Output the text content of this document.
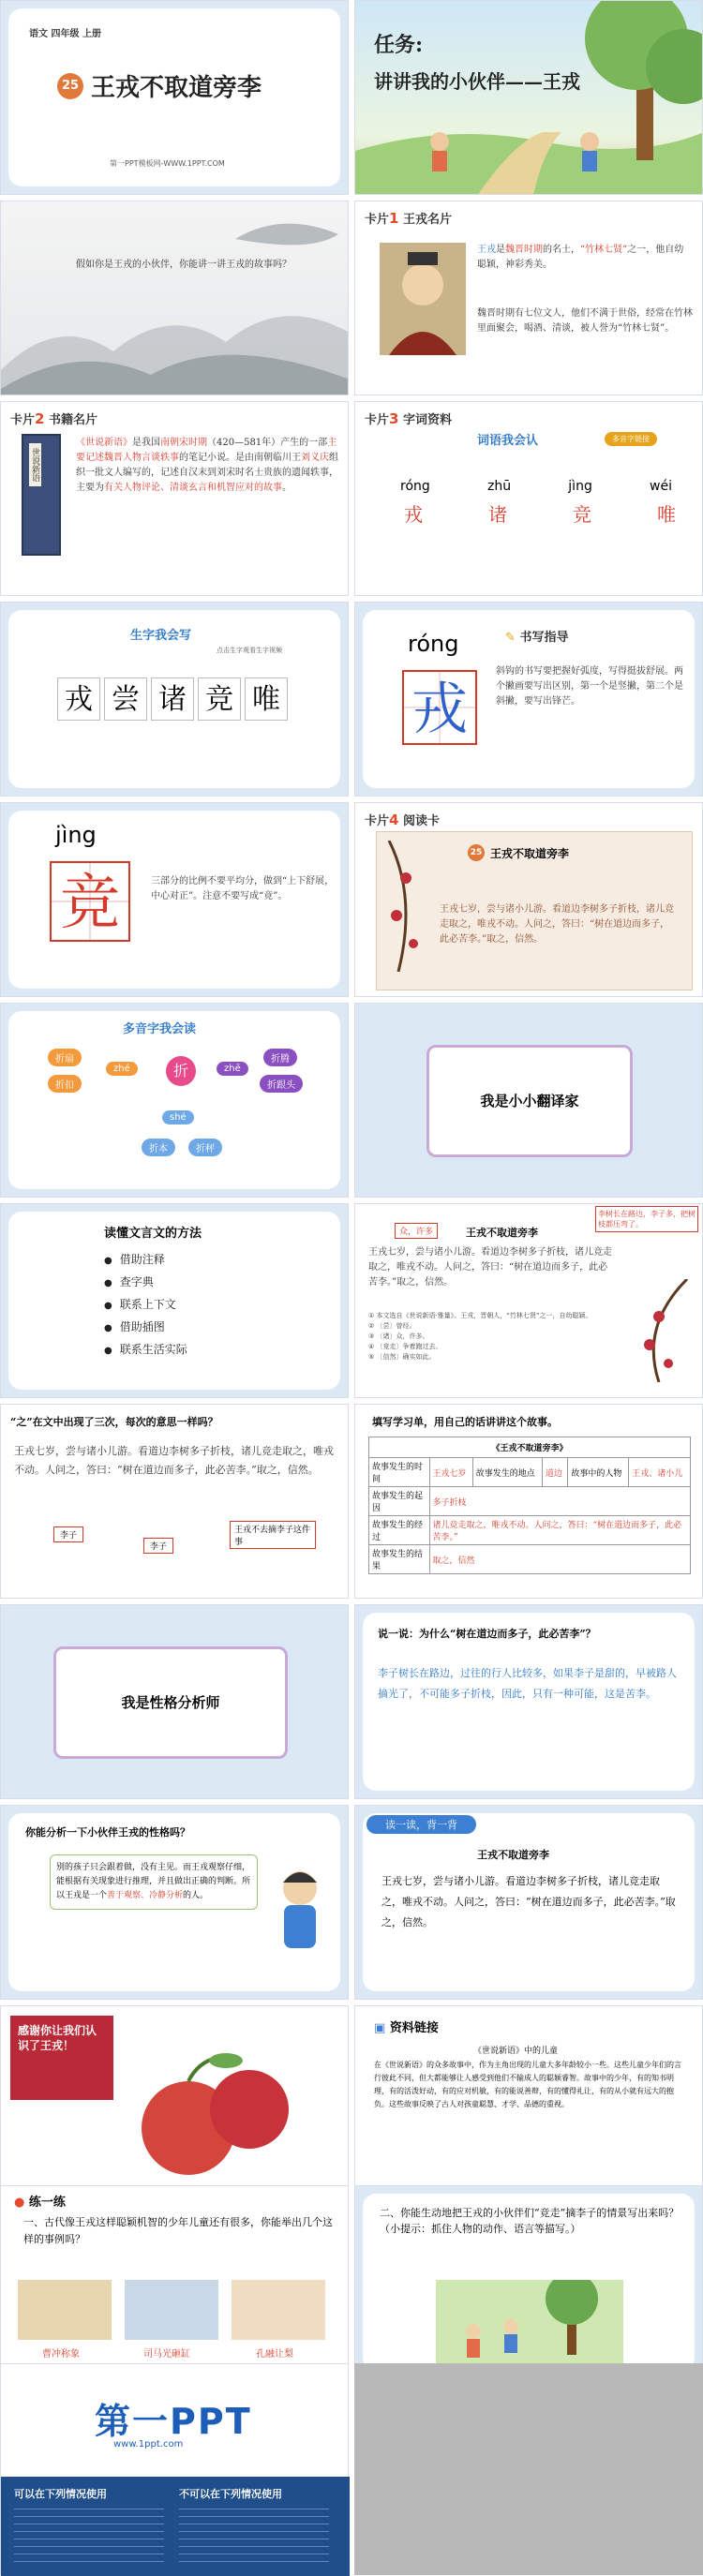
语文 四年级 上册
25 王戎不取道旁李
第一PPT模板网-WWW.1PPT.COM
任务:
讲讲我的小伙伴——王戎
假如你是王戎的小伙伴，你能讲一讲王戎的故事吗？
卡片1 王戎名片
王戎是魏晋时期的名士，“竹林七贤”之一，他自幼聪颖，神彩秀美。
魏晋时期有七位文人，他们不满于世俗，经常在竹林里面聚会，喝酒、清谈，被人誉为“竹林七贤”。
卡片2 书籍名片
世说新语
《世说新语》是我国南朝宋时期（420—581年）产生的一部主要记述魏晋人物言谈轶事的笔记小说。是由南朝临川王刘义庆组织一批文人编写的，记述自汉末到刘宋时名士贵族的遗闻轶事，主要为有关人物评论、清谈玄言和机智应对的故事。
卡片3 字词资料
词语我会认	多音字链接
róng	zhū	jìng	wéi
戎	诸	竞	唯
生字我会写
点击生字观看生字视频
戎 尝 诸 竞 唯
róng
戎
✎ 书写指导
斜钩的书写要把握好弧度，写得挺拔舒展。两个撇画要写出区别，第一个是竖撇，第二个是斜撇，要写出锋芒。
jìng
竞	三部分的比例不要平均分，做到“上下舒展，中心对正”。注意不要写成“竟”。
卡片4 阅读卡
25 王戎不取道旁李
王戎七岁，尝与诸小儿游。看道边李树多子折枝，诸儿竞走取之，唯戎不动。人问之，答曰：“树在道边而多子，此必苦李。”取之，信然。
多音字我会读
折
zhé	zhē
shé
折扇
折扣
折腾
折跟头
折本	折秤
我是小小翻译家
读懂文言文的方法
● 借助注释
● 查字典
● 联系上下文
● 借助插图
● 联系生活实际
众，许多	王戎不取道旁李
李树长在路边，李子多，把树枝都压弯了。
王戎七岁，尝与诸小儿游。看道边李树多子折枝，诸儿竞走取之，唯戎不动。人问之，答曰：“树在道边而多子，此必苦李。”取之，信然。
① 本文选自《世说新语·雅量》。王戎，晋朝人，“竹林七贤”之一，自幼聪颖。
② 〔尝〕曾经。
③ 〔诸〕众，许多。
④ 〔竞走〕争着跑过去。
⑤ 〔信然〕确实如此。
“之”在文中出现了三次，每次的意思一样吗？
王戎七岁，尝与诸小儿游。看道边李树多子折枝，诸儿竞走取之，唯戎不动。人问之，答曰：“树在道边而多子，此必苦李。”取之，信然。
李子
李子
王戎不去摘李子这件事
填写学习单，用自己的话讲讲这个故事。
《王戎不取道旁李》					
故事发生的时间	王戎七岁	故事发生的地点	道边	故事中的人物	王戎、诸小儿
故事发生的起因	多子折枝				
故事发生的经过	诸儿竞走取之，唯戎不动。人问之，答曰：“树在道边而多子，此必苦李。”				
故事发生的结果	取之，信然				
我是性格分析师
说一说：为什么“树在道边而多子，此必苦李”？
李子树长在路边，过往的行人比较多，如果李子是甜的，早被路人摘光了，不可能多子折枝，因此，只有一种可能，这是苦李。
你能分析一下小伙伴王戎的性格吗？
别的孩子只会跟着做，没有主见。而王戎观察仔细，能根据有关现象进行推理，并且做出正确的判断。所以王戎是一个善于观察、冷静分析的人。
读一读，背一背
王戎不取道旁李
王戎七岁，尝与诸小儿游。看道边李树多子折枝，诸儿竞走取之，唯戎不动。人问之，答曰：“树在道边而多子，此必苦李。”取之，信然。
感谢你让我们认识了王戎！
▣ 资料链接
《世说新语》中的儿童
在《世说新语》的众多故事中，作为主角出现的儿童大多年龄较小一些。这些儿童少年们的言行彼此不同，但大都能够让人感受到他们不输成人的聪颖睿智。故事中的少年，有的知书明理，有的活泼好动，有的应对机敏，有的能说善辩，有的懂得礼让，有的从小就有远大的抱负。这些故事反映了古人对孩童聪慧、才学、品德的重视。
● 练一练
一、古代像王戎这样聪颖机智的少年儿童还有很多，你能举出几个这样的事例吗？
曹冲称象	司马光砸缸	孔融让梨
二、你能生动地把王戎的小伙伴们“竞走”摘李子的情景写出来吗？（小提示：抓住人物的动作、语言等描写。）
第一PPT
www.1ppt.com
可以在下列情况使用	不可以在下列情况使用
